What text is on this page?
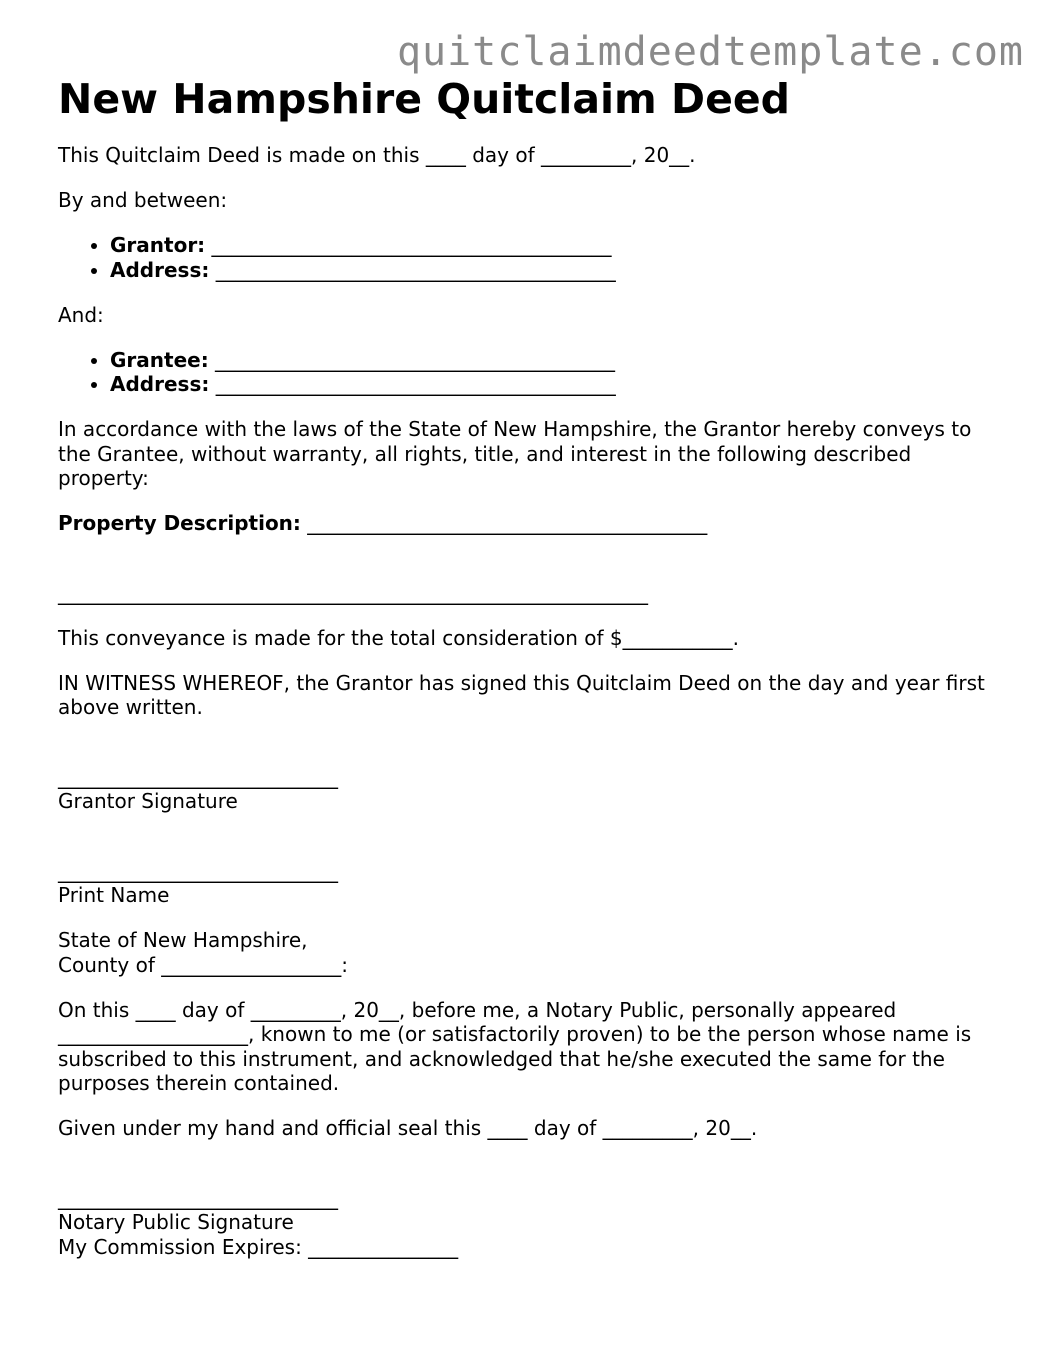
quitclaimdeedtemplate.com
New Hampshire Quitclaim Deed
This Quitclaim Deed is made on this ____ day of _________, 20__.
By and between:
• Grantor: ________________________________________
• Address: ________________________________________
And:
• Grantee: ________________________________________
• Address: ________________________________________
In accordance with the laws of the State of New Hampshire, the Grantor hereby conveys to the Grantee, without warranty, all rights, title, and interest in the following described property:
Property Description: ________________________________________
___________________________________________________________
This conveyance is made for the total consideration of $___________.
IN WITNESS WHEREOF, the Grantor has signed this Quitclaim Deed on the day and year first above written.
____________________________
Grantor Signature
____________________________
Print Name
State of New Hampshire,
County of __________________:
On this ____ day of _________, 20__, before me, a Notary Public, personally appeared ___________________, known to me (or satisfactorily proven) to be the person whose name is subscribed to this instrument, and acknowledged that he/she executed the same for the purposes therein contained.
Given under my hand and official seal this ____ day of _________, 20__.
____________________________
Notary Public Signature
My Commission Expires: _______________
